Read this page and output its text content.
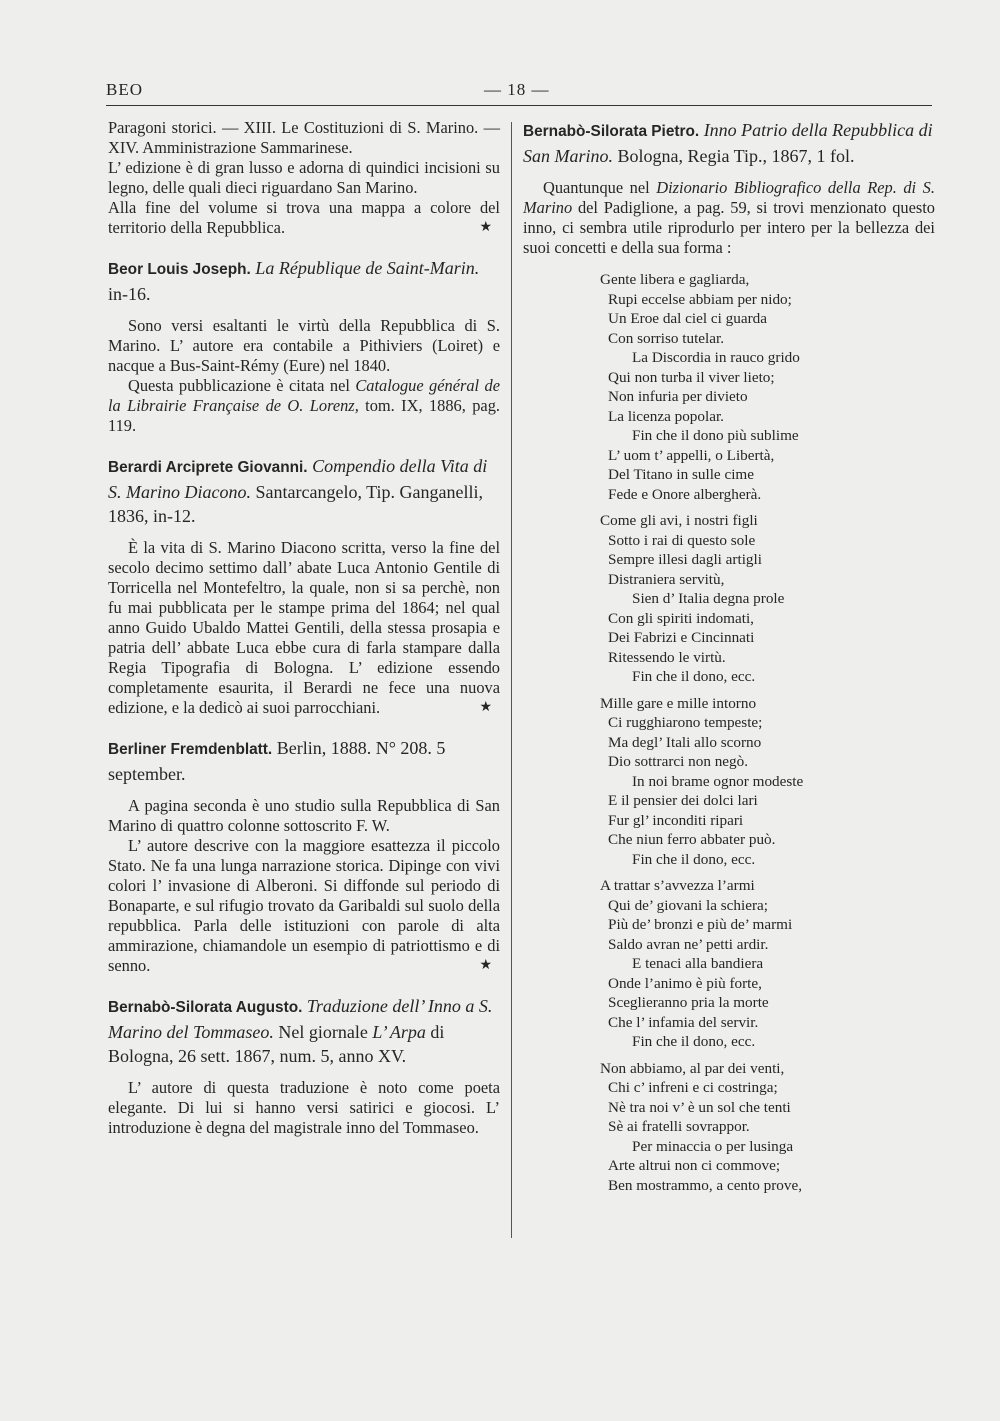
BEO	— 18 —

Paragoni storici. — XIII. Le Costituzioni di S. Marino. — XIV. Amministrazione Sammarinese.

L’ edizione è di gran lusso e adorna di quindici incisioni su legno, delle quali dieci riguardano San Marino.

Alla fine del volume si trova una mappa a colore del territorio della Repubblica.	★

Beor Louis Joseph. La République de Saint-Marin. in-16.

Sono versi esaltanti le virtù della Repubblica di S. Marino. L’ autore era contabile a Pithiviers (Loiret) e nacque a Bus-Saint-Rémy (Eure) nel 1840.

Questa pubblicazione è citata nel Catalogue général de la Librairie Française de O. Lorenz, tom. IX, 1886, pag. 119.

Berardi Arciprete Giovanni. Compendio della Vita di S. Marino Diacono. Santarcangelo, Tip. Ganganelli, 1836, in-12.

È la vita di S. Marino Diacono scritta, verso la fine del secolo decimo settimo dall’ abate Luca Antonio Gentile di Torricella nel Montefeltro, la quale, non si sa perchè, non fu mai pubblicata per le stampe prima del 1864; nel qual anno Guido Ubaldo Mattei Gentili, della stessa prosapia e patria dell’ abbate Luca ebbe cura di farla stampare dalla Regia Tipografia di Bologna. L’ edizione essendo completamente esaurita, il Berardi ne fece una nuova edizione, e la dedicò ai suoi parrocchiani.	★

Berliner Fremdenblatt. Berlin, 1888. N° 208. 5 september.

A pagina seconda è uno studio sulla Repubblica di San Marino di quattro colonne sottoscrito F. W.

L’ autore descrive con la maggiore esattezza il piccolo Stato. Ne fa una lunga narrazione storica. Dipinge con vivi colori l’ invasione di Alberoni. Si diffonde sul periodo di Bonaparte, e sul rifugio trovato da Garibaldi sul suolo della repubblica. Parla delle istituzioni con parole di alta ammirazione, chiamandole un esempio di patriottismo e di senno.	★

Bernabò-Silorata Augusto. Traduzione dell’ Inno a S. Marino del Tommaseo. Nel giornale L’ Arpa di Bologna, 26 sett. 1867, num. 5, anno XV.

L’ autore di questa traduzione è noto come poeta elegante. Di lui si hanno versi satirici e giocosi. L’ introduzione è degna del magistrale inno del Tommaseo.

Bernabò-Silorata Pietro. Inno Patrio della Repubblica di San Marino. Bologna, Regia Tip., 1867, 1 fol.

Quantunque nel Dizionario Bibliografico della Rep. di S. Marino del Padiglione, a pag. 59, si trovi menzionato questo inno, ci sembra utile riprodurlo per intero per la bellezza dei suoi concetti e della sua forma :

Gente libera e gagliarda,
Rupi eccelse abbiam per nido;
Un Eroe dal ciel ci guarda
Con sorriso tutelar.
La Discordia in rauco grido
Qui non turba il viver lieto;
Non infuria per divieto
La licenza popolar.
Fin che il dono più sublime
L’ uom t’ appelli, o Libertà,
Del Titano in sulle cime
Fede e Onore albergherà.
Come gli avi, i nostri figli
Sotto i rai di questo sole
Sempre illesi dagli artigli
Distraniera servitù,
Sien d’ Italia degna prole
Con gli spiriti indomati,
Dei Fabrizi e Cincinnati
Ritessendo le virtù.
Fin che il dono, ecc.
Mille gare e mille intorno
Ci rugghiarono tempeste;
Ma degl’ Itali allo scorno
Dio sottrarci non negò.
In noi brame ognor modeste
E il pensier dei dolci lari
Fur gl’ inconditi ripari
Che niun ferro abbater può.
Fin che il dono, ecc.
A trattar s’avvezza l’armi
Qui de’ giovani la schiera;
Più de’ bronzi e più de’ marmi
Saldo avran ne’ petti ardir.
E tenaci alla bandiera
Onde l’animo è più forte,
Sceglieranno pria la morte
Che l’ infamia del servir.
Fin che il dono, ecc.
Non abbiamo, al par dei venti,
Chi c’ infreni e ci costringa;
Nè tra noi v’ è un sol che tenti
Sè ai fratelli sovrappor.
Per minaccia o per lusinga
Arte altrui non ci commove;
Ben mostrammo, a cento prove,
